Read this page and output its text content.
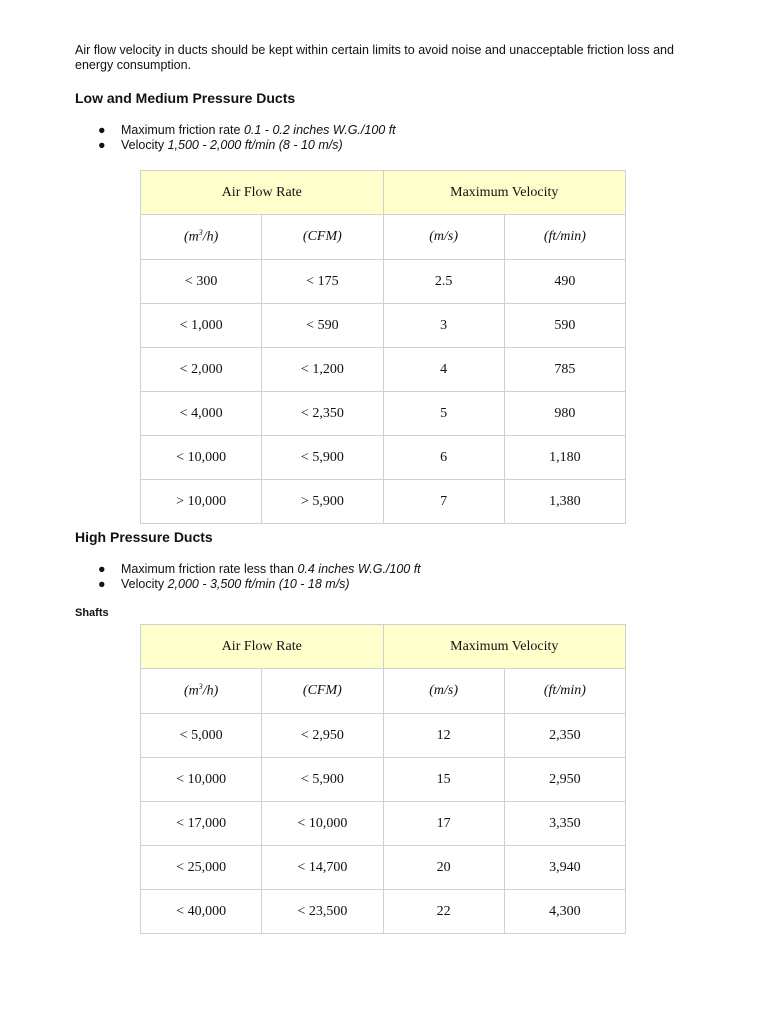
Air flow velocity in ducts should be kept within certain limits to avoid noise and unacceptable friction loss and energy consumption.

Low and Medium Pressure Ducts
● Maximum friction rate 0.1 - 0.2 inches W.G./100 ft
● Velocity 1,500 - 2,000 ft/min (8 - 10 m/s)
Air Flow Rate		Maximum Velocity	
$(m^3/h)$	(CFM)	(m/s)	(ft/min)
< 300	< 175	2.5	490
< 1,000	< 590	3	590
< 2,000	< 1,200	4	785
< 4,000	< 2,350	5	980
< 10,000	< 5,900	6	1,180
> 10,000	> 5,900	7	1,380
High Pressure Ducts
● Maximum friction rate less than 0.4 inches W.G./100 ft
● Velocity 2,000 - 3,500 ft/min (10 - 18 m/s)
Shafts
Air Flow Rate		Maximum Velocity	
$(m^3/h)$	(CFM)	(m/s)	(ft/min)
< 5,000	< 2,950	12	2,350
< 10,000	< 5,900	15	2,950
< 17,000	< 10,000	17	3,350
< 25,000	< 14,700	20	3,940
< 40,000	< 23,500	22	4,300
